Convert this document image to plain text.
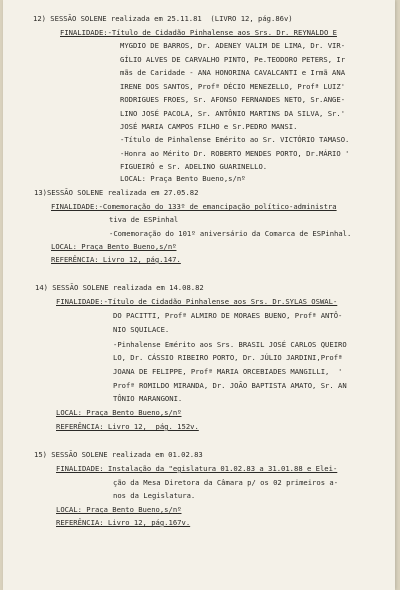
12) SESSÃO SOLENE realizada em 25.11.81  (LIVRO 12, pág.86v)
FINALIDADE:-Título de Cidadão Pinhalense aos Srs. Dr. REYNALDO E
MYGDIO DE BARROS, Dr. ADENEY VALIM DE LIMA, Dr. VIR-
GÍLIO ALVES DE CARVALHO PINTO, Pe.TEODORO PETERS, Ir
mãs de Caridade - ANA HONORINA CAVALCANTI e Irmã ANA
IRENE DOS SANTOS, Profª DÉCIO MENEZELLO, Profª LUIZ'
RODRIGUES FROES, Sr. AFONSO FERNANDES NETO, Sr.ANGE-
LINO JOSÉ PACOLA, Sr. ANTÔNIO MARTINS DA SILVA, Sr.'
JOSÉ MARIA CAMPOS FILHO e Sr.PEDRO MANSI.
-Título de Pinhalense Emérito ao Sr. VICTÓRIO TAMASO.
-Honra ao Mérito Dr. ROBERTO MENDES PORTO, Dr.MÁRIO '
FIGUEIRÓ e Sr. ADELINO GUARINELLO.
LOCAL: Praça Bento Bueno,s/nº
13)SESSÃO SOLENE realizada em 27.05.82
FINALIDADE:-Comemoração do 133º de emancipação político-administra
tiva de ESPinhal
-Comemoração do 101º aniversário da Comarca de ESPinhal.
LOCAL: Praça Bento Bueno,s/nº
REFERÊNCIA: Livro 12, pág.147.
14) SESSÃO SOLENE realizada em 14.08.82
FINALIDADE:-Título de Cidadão Pinhalense aos Srs. Dr.SYLAS OSWAL-
DO PACITTI, Profª ALMIRO DE MORAES BUENO, Profª ANTÔ-
NIO SQUILACE.
-Pinhalense Emérito aos Srs. BRASIL JOSÉ CARLOS QUEIRO
LO, Dr. CÁSSIO RIBEIRO PORTO, Dr. JÚLIO JARDINI,Profª
JOANA DE FELIPPE, Profª MARIA ORCEBIADES MANGILLI,  '
Profª ROMILDO MIRANDA, Dr. JOÃO BAPTISTA AMATO, Sr. AN
TÔNIO MARANGONI.
LOCAL: Praça Bento Bueno,s/nº
REFERÊNCIA: Livro 12,  pág. 152v.
15) SESSÃO SOLENE realizada em 01.02.83
FINALIDADE: Instalação da "egislatura 01.02.83 a 31.01.88 e Elei-
ção da Mesa Diretora da Câmara p/ os 02 primeiros a-
nos da Legislatura.
LOCAL: Praça Bento Bueno,s/nº
REFERÊNCIA: Livro 12, pág.167v.
